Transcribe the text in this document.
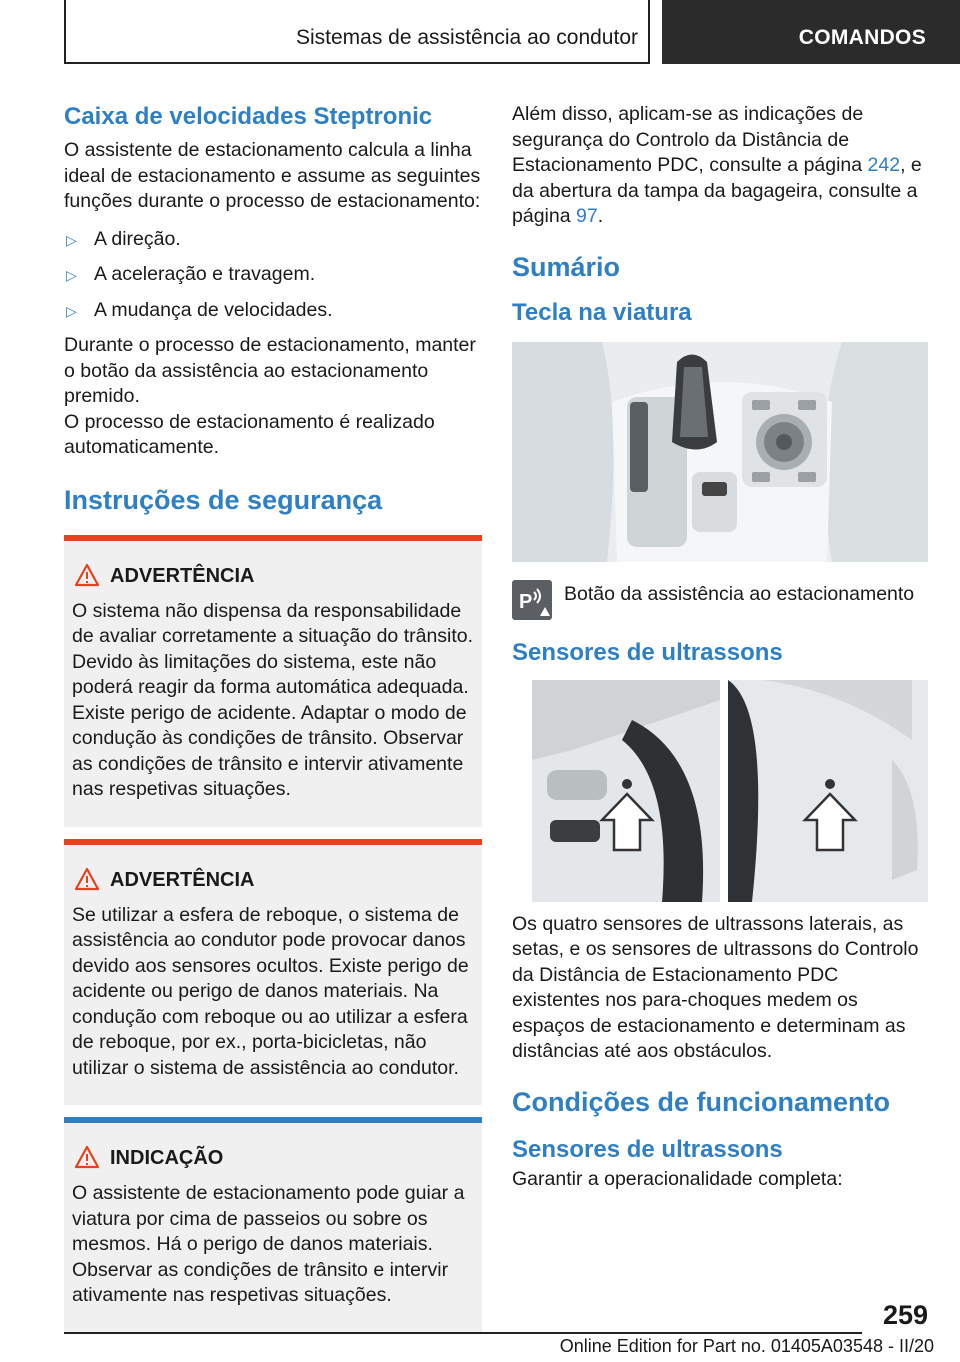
Sistemas de assistência ao condutor	COMANDOS
Caixa de velocidades Steptronic

O assistente de estacionamento calcula a linha ideal de estacionamento e assume as seguintes funções durante o processo de estacionamento:

▷ A direção.
▷ A aceleração e travagem.
▷ A mudança de velocidades.

Durante o processo de estacionamento, manter o botão da assistência ao estacionamento premido.

O processo de estacionamento é realizado automaticamente.

Instruções de segurança
ADVERTÊNCIA

O sistema não dispensa da responsabilidade de avaliar corretamente a situação do trânsito. Devido às limitações do sistema, este não poderá reagir da forma automática adequada. Existe perigo de acidente. Adaptar o modo de condução às condições de trânsito. Observar as condições de trânsito e intervir ativamente nas respetivas situações.

ADVERTÊNCIA

Se utilizar a esfera de reboque, o sistema de assistência ao condutor pode provocar danos devido aos sensores ocultos. Existe perigo de acidente ou perigo de danos materiais. Na condução com reboque ou ao utilizar a esfera de reboque, por ex., porta-bicicletas, não utilizar o sistema de assistência ao condutor.

INDICAÇÃO

O assistente de estacionamento pode guiar a viatura por cima de passeios ou sobre os mesmos. Há o perigo de danos materiais. Observar as condições de trânsito e intervir ativamente nas respetivas situações.

Além disso, aplicam-se as indicações de segurança do Controlo da Distância de Estacionamento PDC, consulte a página 242, e da abertura da tampa da bagageira, consulte a página 97.

Sumário
Tecla na viatura
P Botão da assistência ao estacionamento
Sensores de ultrassons

Os quatro sensores de ultrassons laterais, as setas, e os sensores de ultrassons do Controlo da Distância de Estacionamento PDC existentes nos para-choques medem os espaços de estacionamento e determinam as distâncias até aos obstáculos.

Condições de funcionamento
Sensores de ultrassons

Garantir a operacionalidade completa:

259
Online Edition for Part no. 01405A03548 - II/20
